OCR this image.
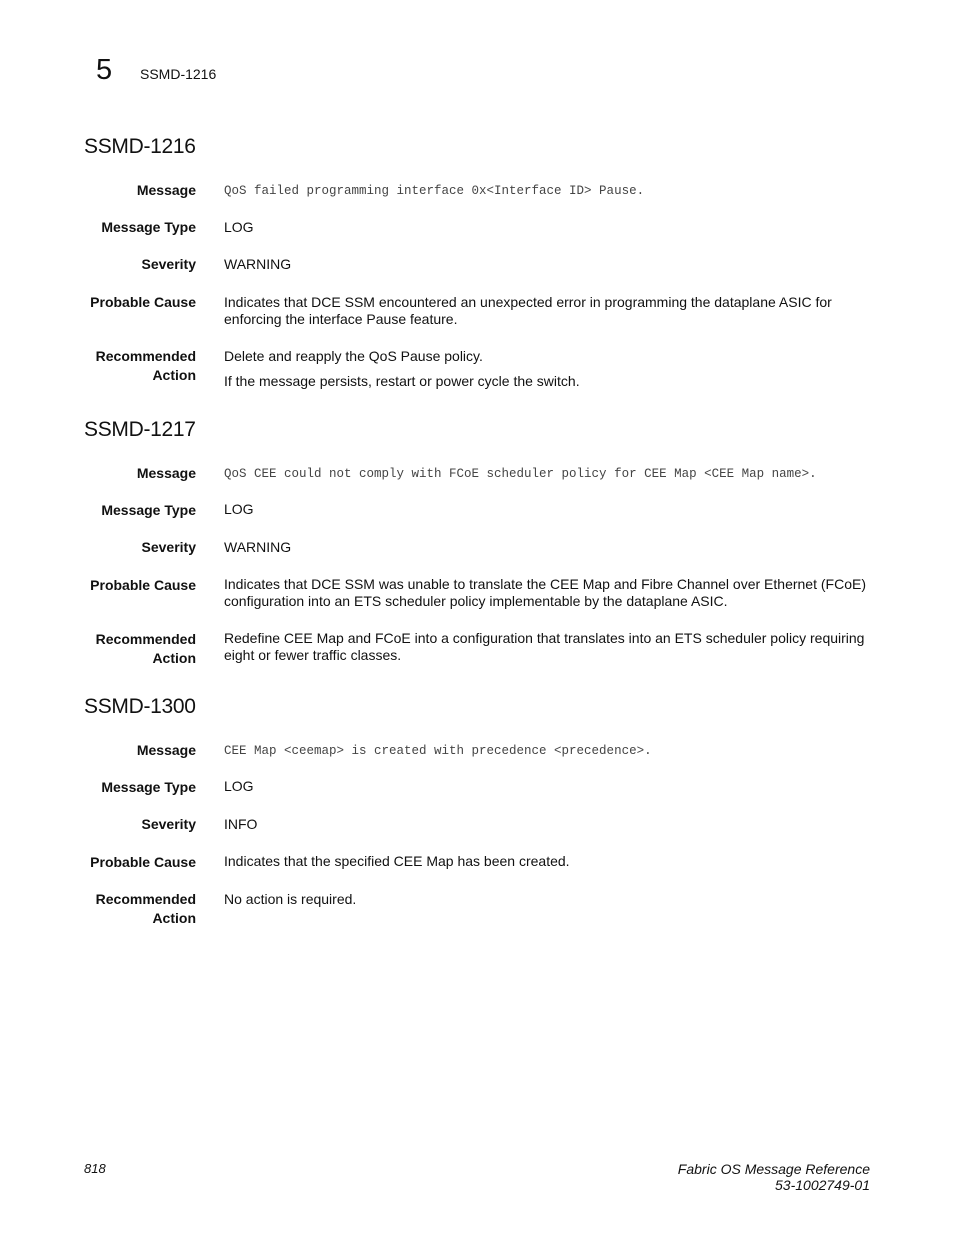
5 SSMD-1216
SSMD-1216
Message QoS failed programming interface 0x<Interface ID> Pause.
Message Type LOG
Severity WARNING
Probable Cause Indicates that DCE SSM encountered an unexpected error in programming the dataplane ASIC for enforcing the interface Pause feature.
Recommended
Action
Delete and reapply the QoS Pause policy.
If the message persists, restart or power cycle the switch.
SSMD-1217
Message QoS CEE could not comply with FCoE scheduler policy for CEE Map <CEE Map name>.
Message Type LOG
Severity WARNING
Probable Cause Indicates that DCE SSM was unable to translate the CEE Map and Fibre Channel over Ethernet (FCoE) configuration into an ETS scheduler policy implementable by the dataplane ASIC.
Recommended
Action
Redefine CEE Map and FCoE into a configuration that translates into an ETS scheduler policy requiring eight or fewer traffic classes.
SSMD-1300
Message CEE Map <ceemap> is created with precedence <precedence>.
Message Type LOG
Severity INFO
Probable Cause Indicates that the specified CEE Map has been created.
Recommended
Action
No action is required.
818	Fabric OS Message Reference
53-1002749-01
